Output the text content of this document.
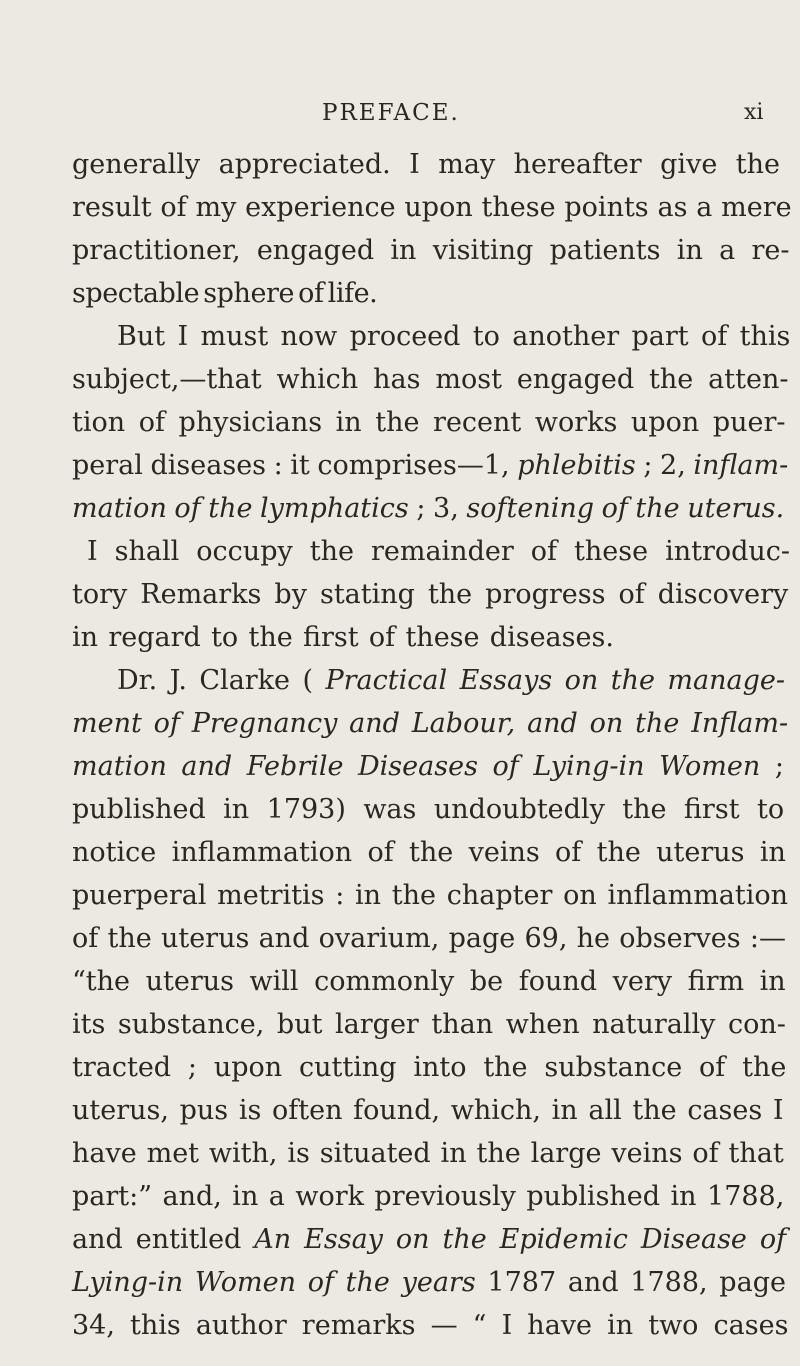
PREFACE.	xi
generally appreciated. I may hereafter give the
result of my experience upon these points as a mere
practitioner, engaged in visiting patients in a re-
spectable sphere of life.
But I must now proceed to another part of this
subject,—that which has most engaged the atten-
tion of physicians in the recent works upon puer-
peral diseases : it comprises—1, phlebitis ; 2, inflam-
mation of the lymphatics ; 3, softening of the uterus.
I shall occupy the remainder of these introduc-
tory Remarks by stating the progress of discovery
in regard to the first of these diseases.
Dr. J. Clarke ( Practical Essays on the manage-
ment of Pregnancy and Labour, and on the Inflam-
mation and Febrile Diseases of Lying-in Women ;
published in 1793) was undoubtedly the first to
notice inflammation of the veins of the uterus in
puerperal metritis : in the chapter on inflammation
of the uterus and ovarium, page 69, he observes :—
“the uterus will commonly be found very firm in
its substance, but larger than when naturally con-
tracted ; upon cutting into the substance of the
uterus, pus is often found, which, in all the cases I
have met with, is situated in the large veins of that
part:” and, in a work previously published in 1788,
and entitled An Essay on the Epidemic Disease of
Lying-in Women of the years 1787 and 1788, page
34, this author remarks — “ I have in two cases
